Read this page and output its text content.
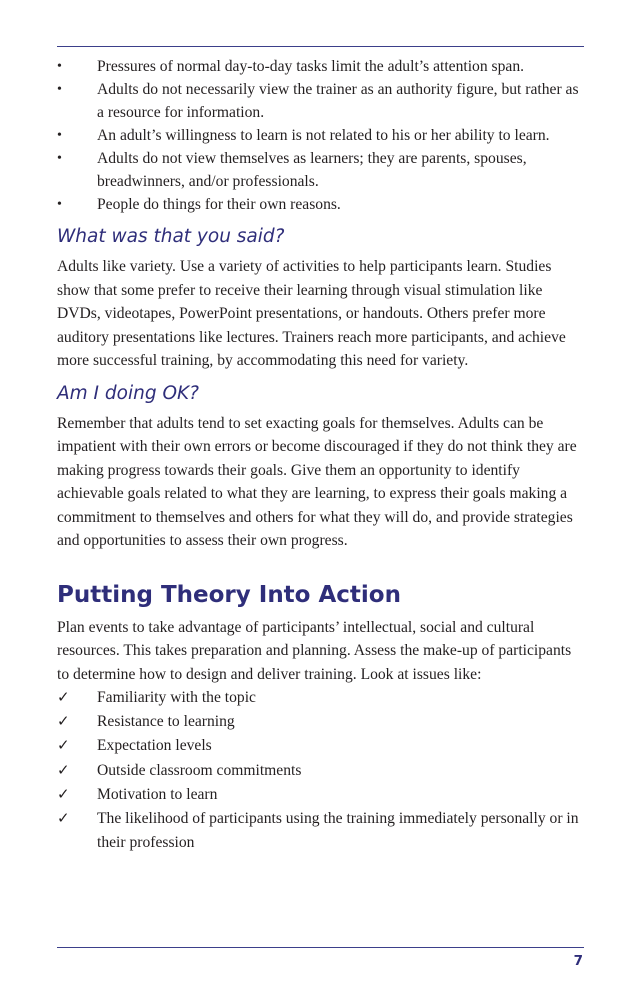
•	Pressures of normal day-to-day tasks limit the adult’s attention span.
•	Adults do not necessarily view the trainer as an authority figure, but rather as a resource for information.
•	An adult’s willingness to learn is not related to his or her ability to learn.
•	Adults do not view themselves as learners; they are parents, spouses, breadwinners, and/or professionals.
•	People do things for their own reasons.
What was that you said?

Adults like variety. Use a variety of activities to help participants learn. Studies show that some prefer to receive their learning through visual stimulation like DVDs, videotapes, PowerPoint presentations, or handouts. Others prefer more auditory presentations like lectures. Trainers reach more participants, and achieve more successful training, by accommodating this need for variety.

Am I doing OK?

Remember that adults tend to set exacting goals for themselves. Adults can be impatient with their own errors or become discouraged if they do not think they are making progress towards their goals. Give them an opportunity to identify achievable goals related to what they are learning, to express their goals making a commitment to themselves and others for what they will do, and provide strategies and opportunities to assess their own progress.

Putting Theory Into Action

Plan events to take advantage of participants’ intellectual, social and cultural resources. This takes preparation and planning. Assess the make-up of participants to determine how to design and deliver training. Look at issues like:

✓	Familiarity with the topic
✓	Resistance to learning
✓	Expectation levels
✓	Outside classroom commitments
✓	Motivation to learn
✓	The likelihood of participants using the training immediately personally or in their profession
7
